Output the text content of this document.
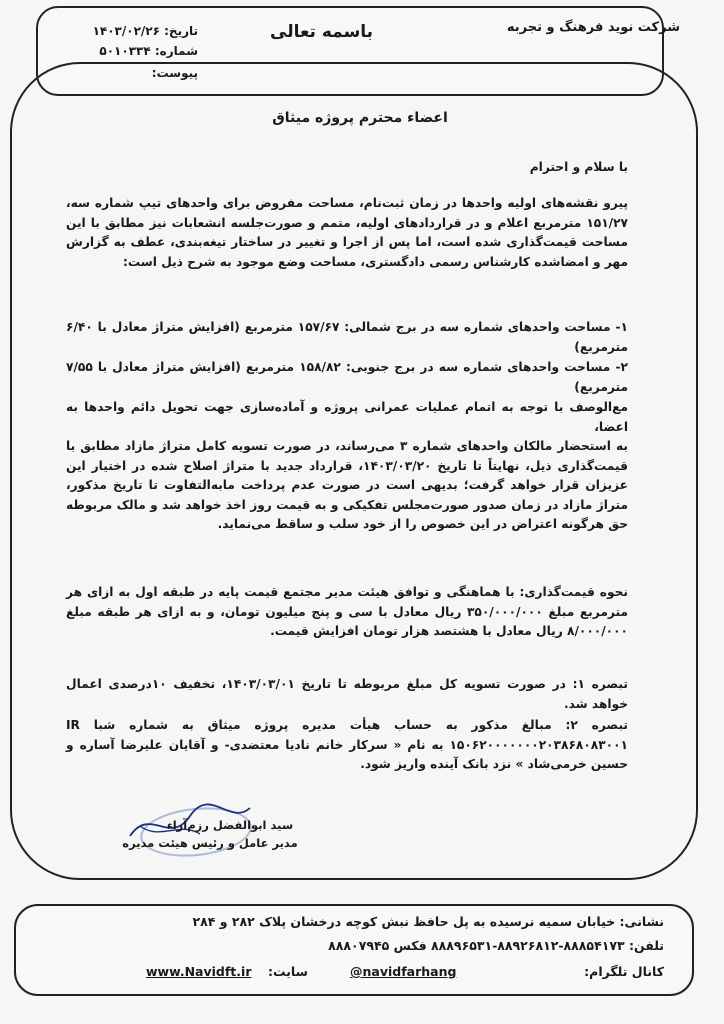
شرکت نوید فرهنگ و تجربه
باسمه تعالی
تاریخ: ۱۴۰۳/۰۲/۲۶
شماره: ۵۰۱۰۳۳۴
پیوست:
اعضاء محترم پروژه میثاق
با سلام و احترام
پیرو نقشه‌های اولیه واحدها در زمان ثبت‌نام، مساحت مفروض برای واحدهای تیپ شماره سه، ۱۵۱/۲۷ مترمربع اعلام و در قراردادهای اولیه، متمم و صورت‌جلسه انشعابات نیز مطابق با این مساحت قیمت‌گذاری شده است، اما پس از اجرا و تغییر در ساختار تیغه‌بندی، عطف به گزارش مهر و امضاشده کارشناس رسمی دادگستری، مساحت وضع موجود به شرح ذیل است:
۱- مساحت واحدهای شماره سه در برج شمالی: ۱۵۷/۶۷ مترمربع (افزایش متراژ معادل با ۶/۴۰ مترمربع)
۲- مساحت واحدهای شماره سه در برج جنوبی: ۱۵۸/۸۲ مترمربع (افزایش متراژ معادل با ۷/۵۵ مترمربع)
مع‌الوصف با توجه به اتمام عملیات عمرانی پروژه و آماده‌سازی جهت تحویل دائم واحدها به اعضا،
به استحضار مالکان واحدهای شماره ۳ می‌رساند، در صورت تسویه کامل متراژ مازاد مطابق با قیمت‌گذاری ذیل، نهایتاً تا تاریخ ۱۴۰۳/۰۳/۲۰، قرارداد جدید با متراژ اصلاح شده در اختیار این عزیزان قرار خواهد گرفت؛ بدیهی است در صورت عدم پرداخت مابه‌التفاوت تا تاریخ مذکور، متراژ مازاد در زمان صدور صورت‌مجلس تفکیکی و به قیمت روز اخذ خواهد شد و مالک مربوطه حق هرگونه اعتراض در این خصوص را از خود سلب و ساقط می‌نماید.
نحوه قیمت‌گذاری: با هماهنگی و توافق هیئت مدیر مجتمع قیمت پایه در طبقه اول به ازای هر مترمربع مبلغ ۳۵۰/۰۰۰/۰۰۰ ریال معادل با سی و پنج میلیون تومان، و به ازای هر طبقه مبلغ ۸/۰۰۰/۰۰۰ ریال معادل با هشتصد هزار تومان افزایش قیمت.
تبصره ۱: در صورت تسویه کل مبلغ مربوطه تا تاریخ ۱۴۰۳/۰۳/۰۱، تخفیف ۱۰درصدی اعمال خواهد شد.
تبصره ۲: مبالغ مذکور به حساب هیأت مدیره پروژه میثاق به شماره شبا IR ۱۵۰۶۲۰۰۰۰۰۰۰۲۰۳۸۶۸۰۸۳۰۰۱ به نام « سرکار خانم نادیا معتضدی- و آقایان علیرضا آساره و حسین خرمی‌شاد » نزد بانک آینده واریز شود.
سید ابوالفضل رزم‌آراء
مدیر عامل و رئیس هیئت مدیره
نشانی: خیابان سمیه نرسیده به پل حافظ نبش کوچه درخشان پلاک ۲۸۲ و ۲۸۴
تلفن: ۸۸۸۵۴۱۷۳-۸۸۹۲۶۸۱۲-۸۸۸۹۶۵۳۱ فکس ۸۸۸۰۷۹۴۵
کانال تلگرام:
@navidfarhang
سایت:
www.Navidft.ir
